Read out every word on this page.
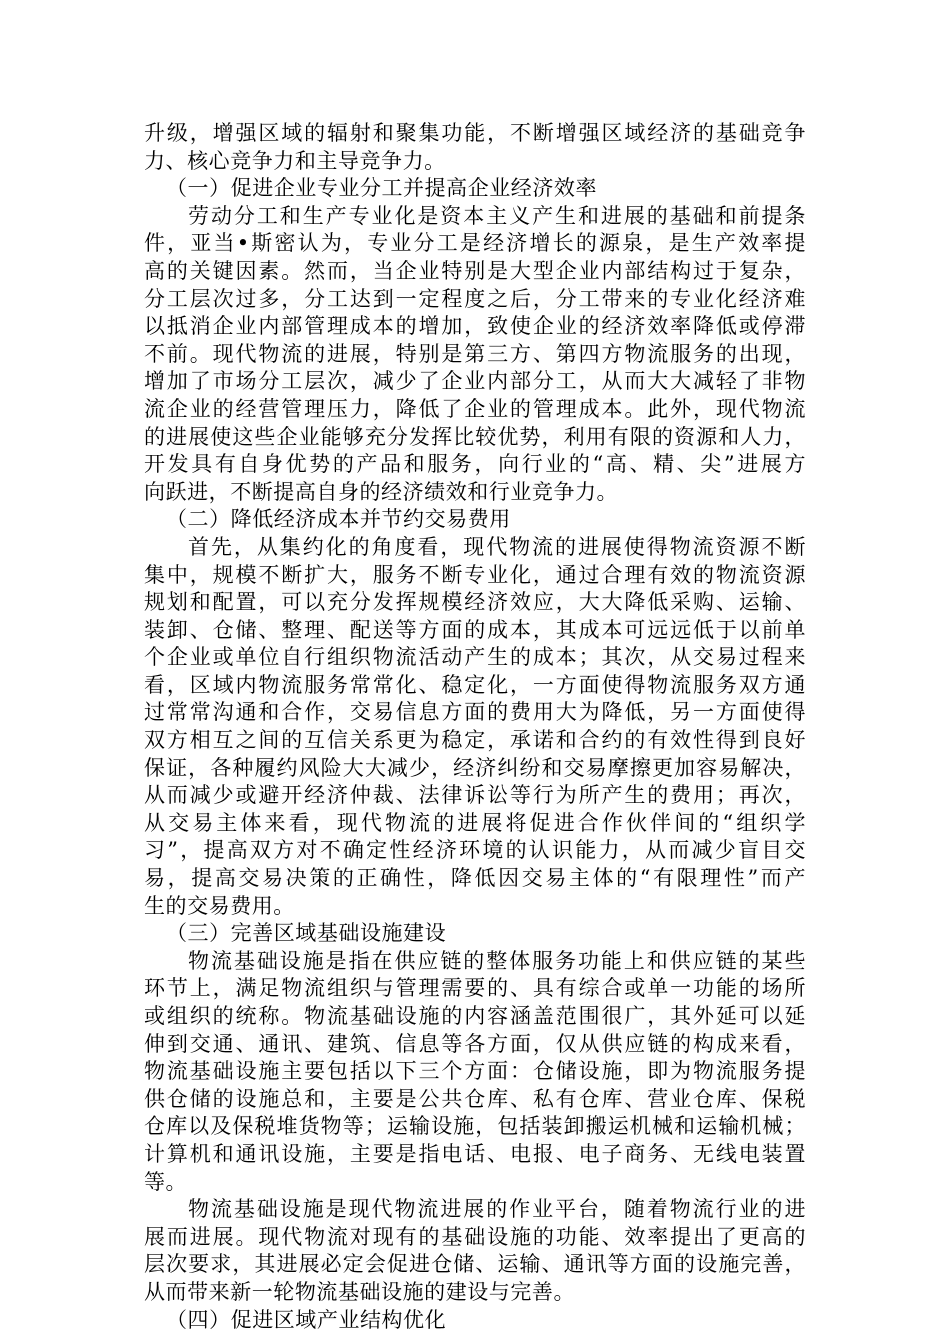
升级，增强区域的辐射和聚集功能，不断增强区域经济的基础竞争
力、核心竞争力和主导竞争力。
（一）促进企业专业分工并提高企业经济效率
劳动分工和生产专业化是资本主义产生和进展的基础和前提条
件，亚当•斯密认为，专业分工是经济增长的源泉，是生产效率提
高的关键因素。然而，当企业特别是大型企业内部结构过于复杂，
分工层次过多，分工达到一定程度之后，分工带来的专业化经济难
以抵消企业内部管理成本的增加，致使企业的经济效率降低或停滞
不前。现代物流的进展，特别是第三方、第四方物流服务的出现，
增加了市场分工层次，减少了企业内部分工，从而大大减轻了非物
流企业的经营管理压力，降低了企业的管理成本。此外，现代物流
的进展使这些企业能够充分发挥比较优势，利用有限的资源和人力，
开发具有自身优势的产品和服务，向行业的“高、精、尖”进展方
向跃进，不断提高自身的经济绩效和行业竞争力。
（二）降低经济成本并节约交易费用
首先，从集约化的角度看，现代物流的进展使得物流资源不断
集中，规模不断扩大，服务不断专业化，通过合理有效的物流资源
规划和配置，可以充分发挥规模经济效应，大大降低采购、运输、
装卸、仓储、整理、配送等方面的成本，其成本可远远低于以前单
个企业或单位自行组织物流活动产生的成本；其次，从交易过程来
看，区域内物流服务常常化、稳定化，一方面使得物流服务双方通
过常常沟通和合作，交易信息方面的费用大为降低，另一方面使得
双方相互之间的互信关系更为稳定，承诺和合约的有效性得到良好
保证，各种履约风险大大减少，经济纠纷和交易摩擦更加容易解决，
从而减少或避开经济仲裁、法律诉讼等行为所产生的费用；再次，
从交易主体来看，现代物流的进展将促进合作伙伴间的“组织学
习”，提高双方对不确定性经济环境的认识能力，从而减少盲目交
易，提高交易决策的正确性，降低因交易主体的“有限理性”而产
生的交易费用。
（三）完善区域基础设施建设
物流基础设施是指在供应链的整体服务功能上和供应链的某些
环节上，满足物流组织与管理需要的、具有综合或单一功能的场所
或组织的统称。物流基础设施的内容涵盖范围很广，其外延可以延
伸到交通、通讯、建筑、信息等各方面，仅从供应链的构成来看，
物流基础设施主要包括以下三个方面：仓储设施，即为物流服务提
供仓储的设施总和，主要是公共仓库、私有仓库、营业仓库、保税
仓库以及保税堆货物等；运输设施，包括装卸搬运机械和运输机械；
计算机和通讯设施，主要是指电话、电报、电子商务、无线电装置
等。
物流基础设施是现代物流进展的作业平台，随着物流行业的进
展而进展。现代物流对现有的基础设施的功能、效率提出了更高的
层次要求，其进展必定会促进仓储、运输、通讯等方面的设施完善，
从而带来新一轮物流基础设施的建设与完善。
（四）促进区域产业结构优化
